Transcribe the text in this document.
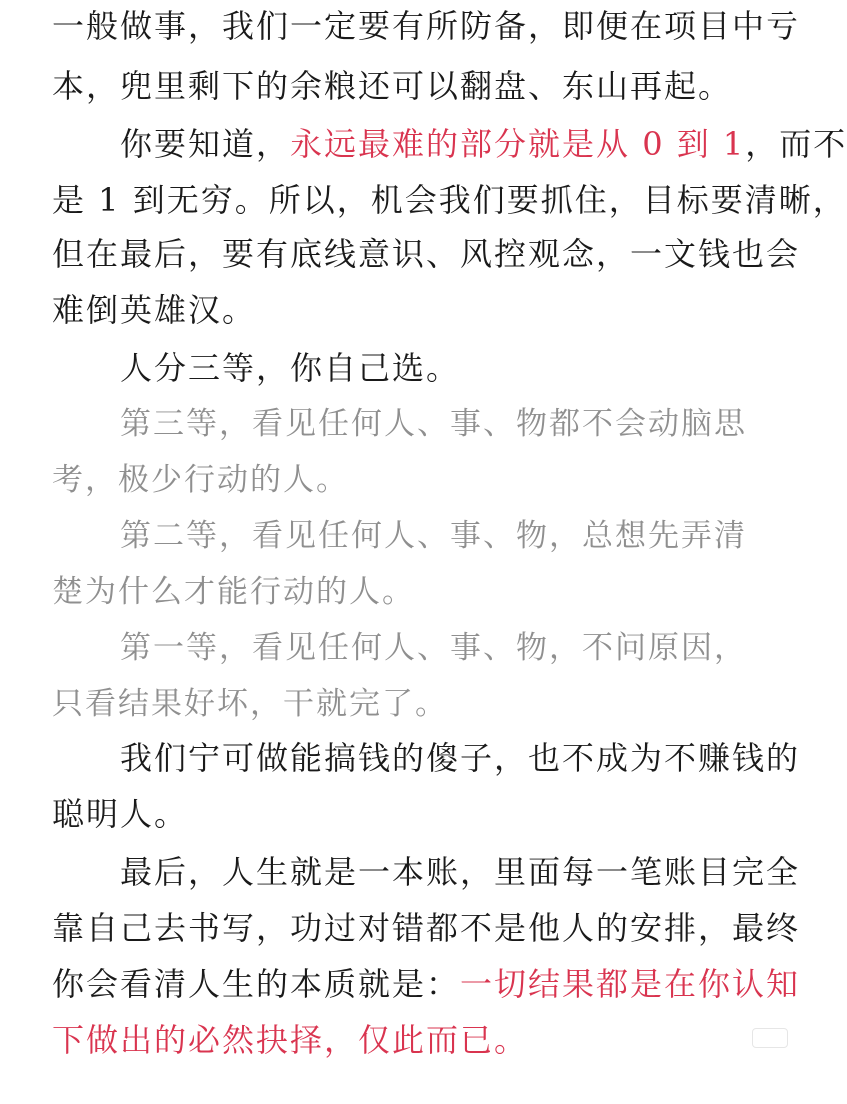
一般做事，我们一定要有所防备，即便在项目中亏
本，兜里剩下的余粮还可以翻盘、东山再起。
你要知道，永远最难的部分就是从 0 到 1，而不
是 1 到无穷。所以，机会我们要抓住，目标要清晰，
但在最后，要有底线意识、风控观念，一文钱也会
难倒英雄汉。
人分三等，你自己选。
第三等，看见任何人、事、物都不会动脑思
考，极少行动的人。
第二等，看见任何人、事、物，总想先弄清
楚为什么才能行动的人。
第一等，看见任何人、事、物，不问原因，
只看结果好坏，干就完了。
我们宁可做能搞钱的傻子，也不成为不赚钱的
聪明人。
最后，人生就是一本账，里面每一笔账目完全
靠自己去书写，功过对错都不是他人的安排，最终
你会看清人生的本质就是：一切结果都是在你认知
下做出的必然抉择，仅此而已。
